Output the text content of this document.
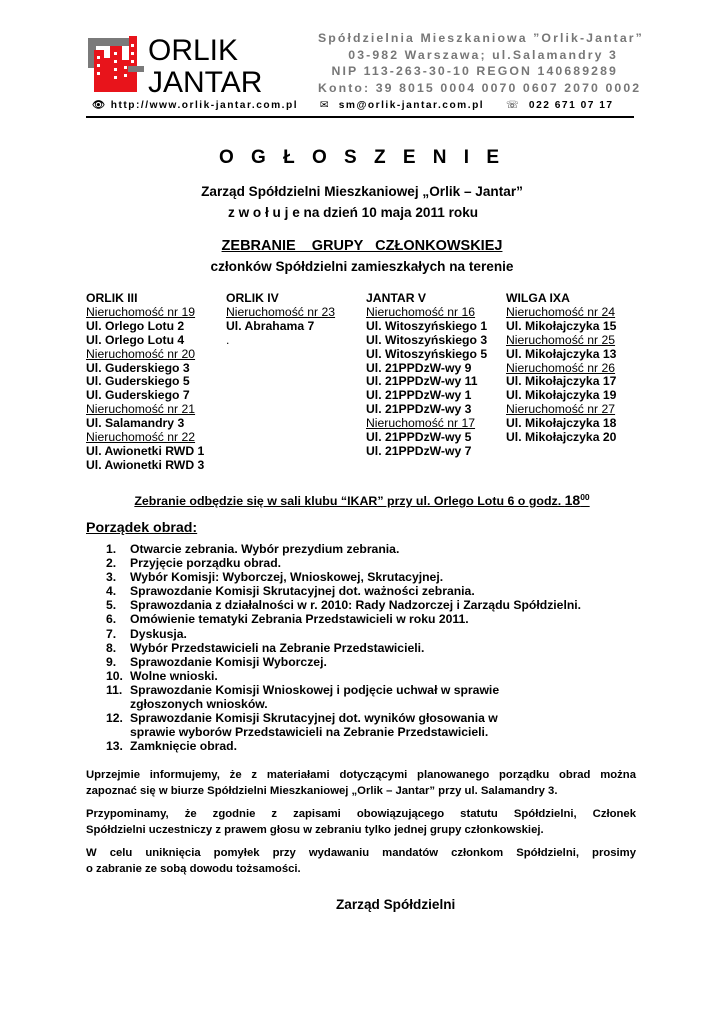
ORLIK
JANTAR
Spółdzielnia Mieszkaniowa ”Orlik-Jantar”
03-982 Warszawa; ul.Salamandry 3
NIP 113-263-30-10 REGON 140689289
Konto: 39 8015 0004 0070 0607 2070 0002
👁 http://www.orlik-jantar.com.pl ✉ sm@orlik-jantar.com.pl ☏ 022 671 07 17
O G Ł O S Z E N I E
Zarząd Spółdzielni Mieszkaniowej „Orlik – Jantar”
z w o ł u j e na dzień 10 maja 2011 roku
ZEBRANIE    GRUPY   CZŁONKOWSKIEJ
członków Spółdzielni zamieszkałych na terenie
ORLIK III
Nieruchomość nr 19
Ul. Orlego Lotu 2
Ul. Orlego Lotu 4
Nieruchomość nr 20
Ul. Guderskiego 3
Ul. Guderskiego 5
Ul. Guderskiego 7
Nieruchomość nr 21
Ul. Salamandry 3
Nieruchomość nr 22
Ul. Awionetki RWD 1
Ul. Awionetki RWD 3
ORLIK IV
Nieruchomość nr 23
Ul. Abrahama 7
.
JANTAR V
Nieruchomość nr 16
Ul. Witoszyńskiego 1
Ul. Witoszyńskiego 3
Ul. Witoszyńskiego 5
Ul. 21PPDzW-wy 9
Ul. 21PPDzW-wy 11
Ul. 21PPDzW-wy 1
Ul. 21PPDzW-wy 3
Nieruchomość nr 17
Ul. 21PPDzW-wy 5
Ul. 21PPDzW-wy 7
WILGA IXA
Nieruchomość nr 24
Ul. Mikołajczyka 15
Nieruchomość nr 25
Ul. Mikołajczyka 13
Nieruchomość nr 26
Ul. Mikołajczyka 17
Ul. Mikołajczyka 19
Nieruchomość nr 27
Ul. Mikołajczyka 18
Ul. Mikołajczyka 20
Zebranie odbędzie się w sali klubu “IKAR” przy ul. Orlego Lotu 6 o godz. $18^{00}$
Porządek obrad:
1. Otwarcie zebrania. Wybór prezydium zebrania.
2. Przyjęcie porządku obrad.
3. Wybór Komisji: Wyborczej, Wnioskowej, Skrutacyjnej.
4. Sprawozdanie Komisji Skrutacyjnej dot. ważności zebrania.
5. Sprawozdania z działalności w r. 2010: Rady Nadzorczej i Zarządu Spółdzielni.
6. Omówienie tematyki Zebrania Przedstawicieli w roku 2011.
7. Dyskusja.
8. Wybór Przedstawicieli na Zebranie Przedstawicieli.
9. Sprawozdanie Komisji Wyborczej.
10. Wolne wnioski.
11. Sprawozdanie Komisji Wnioskowej i podjęcie uchwał w sprawie
zgłoszonych wniosków.
12. Sprawozdanie Komisji Skrutacyjnej dot. wyników głosowania w
sprawie wyborów Przedstawicieli na Zebranie Przedstawicieli.
13. Zamknięcie obrad.
Uprzejmie informujemy, że z materiałami dotyczącymi planowanego porządku obrad można
zapoznać się w biurze Spółdzielni Mieszkaniowej „Orlik – Jantar” przy ul. Salamandry 3.
Przypominamy, że zgodnie z zapisami obowiązującego statutu Spółdzielni, Członek
Spółdzielni uczestniczy z prawem głosu w zebraniu tylko jednej grupy członkowskiej.
W celu uniknięcia pomyłek przy wydawaniu mandatów członkom Spółdzielni, prosimy
o zabranie ze sobą dowodu tożsamości.
Zarząd Spółdzielni
